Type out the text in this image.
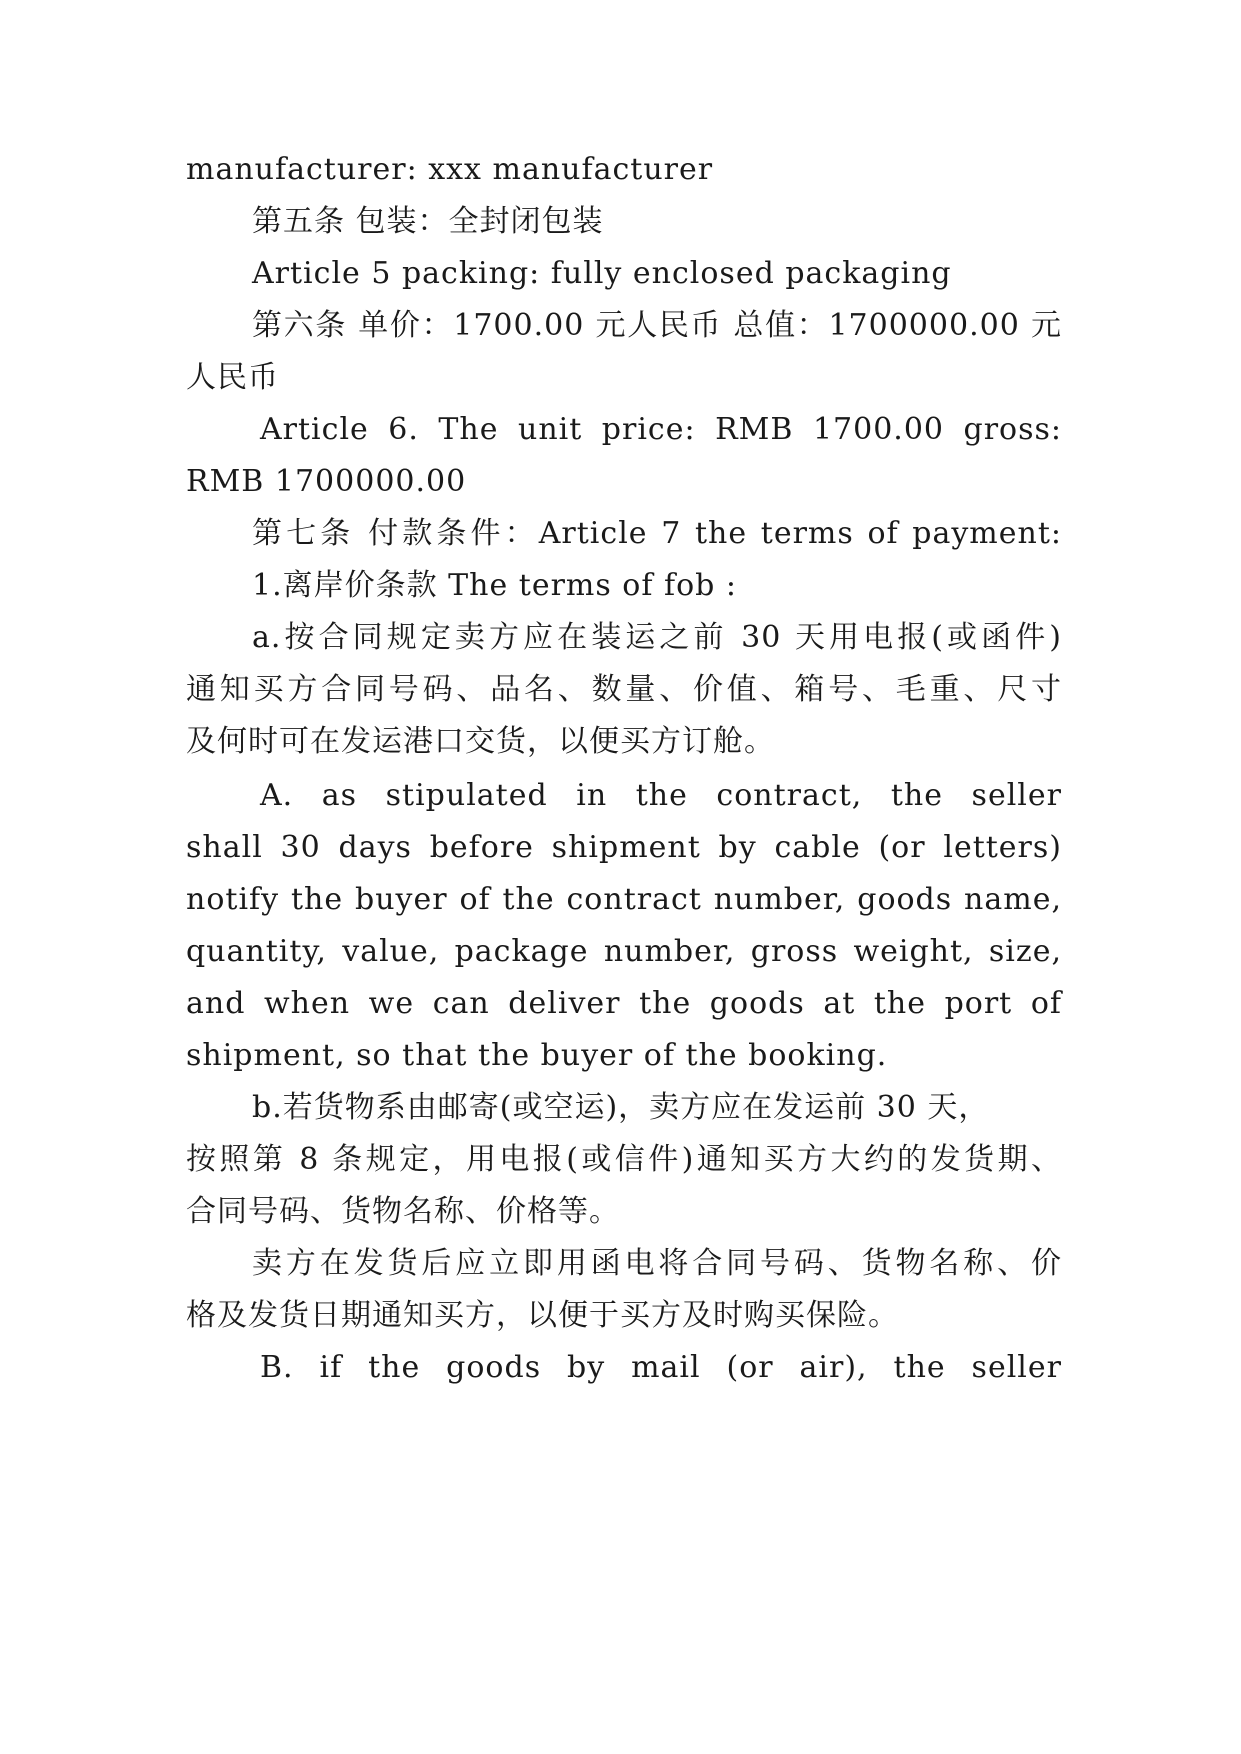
manufacturer: xxx manufacturer
第五条 包装：全封闭包装
Article 5 packing: fully enclosed packaging
第六条 单价：1700.00 元人民币 总值：1700000.00 元
人民币
Article 6. The unit price: RMB 1700.00 gross:
RMB 1700000.00
第七条 付款条件：Article 7 the terms of payment:
1.离岸价条款 The terms of fob :
a.按合同规定卖方应在装运之前 30 天用电报(或函件)
通知买方合同号码、品名、数量、价值、箱号、毛重、尺寸
及何时可在发运港口交货，以便买方订舱。
A. as stipulated in the contract, the seller
shall 30 days before shipment by cable (or letters)
notify the buyer of the contract number, goods name,
quantity, value, package number, gross weight, size,
and when we can deliver the goods at the port of
shipment, so that the buyer of the booking.
b.若货物系由邮寄(或空运)，卖方应在发运前 30 天，
按照第 8 条规定，用电报(或信件)通知买方大约的发货期、
合同号码、货物名称、价格等。
卖方在发货后应立即用函电将合同号码、货物名称、价
格及发货日期通知买方，以便于买方及时购买保险。
B. if the goods by mail (or air), the seller
